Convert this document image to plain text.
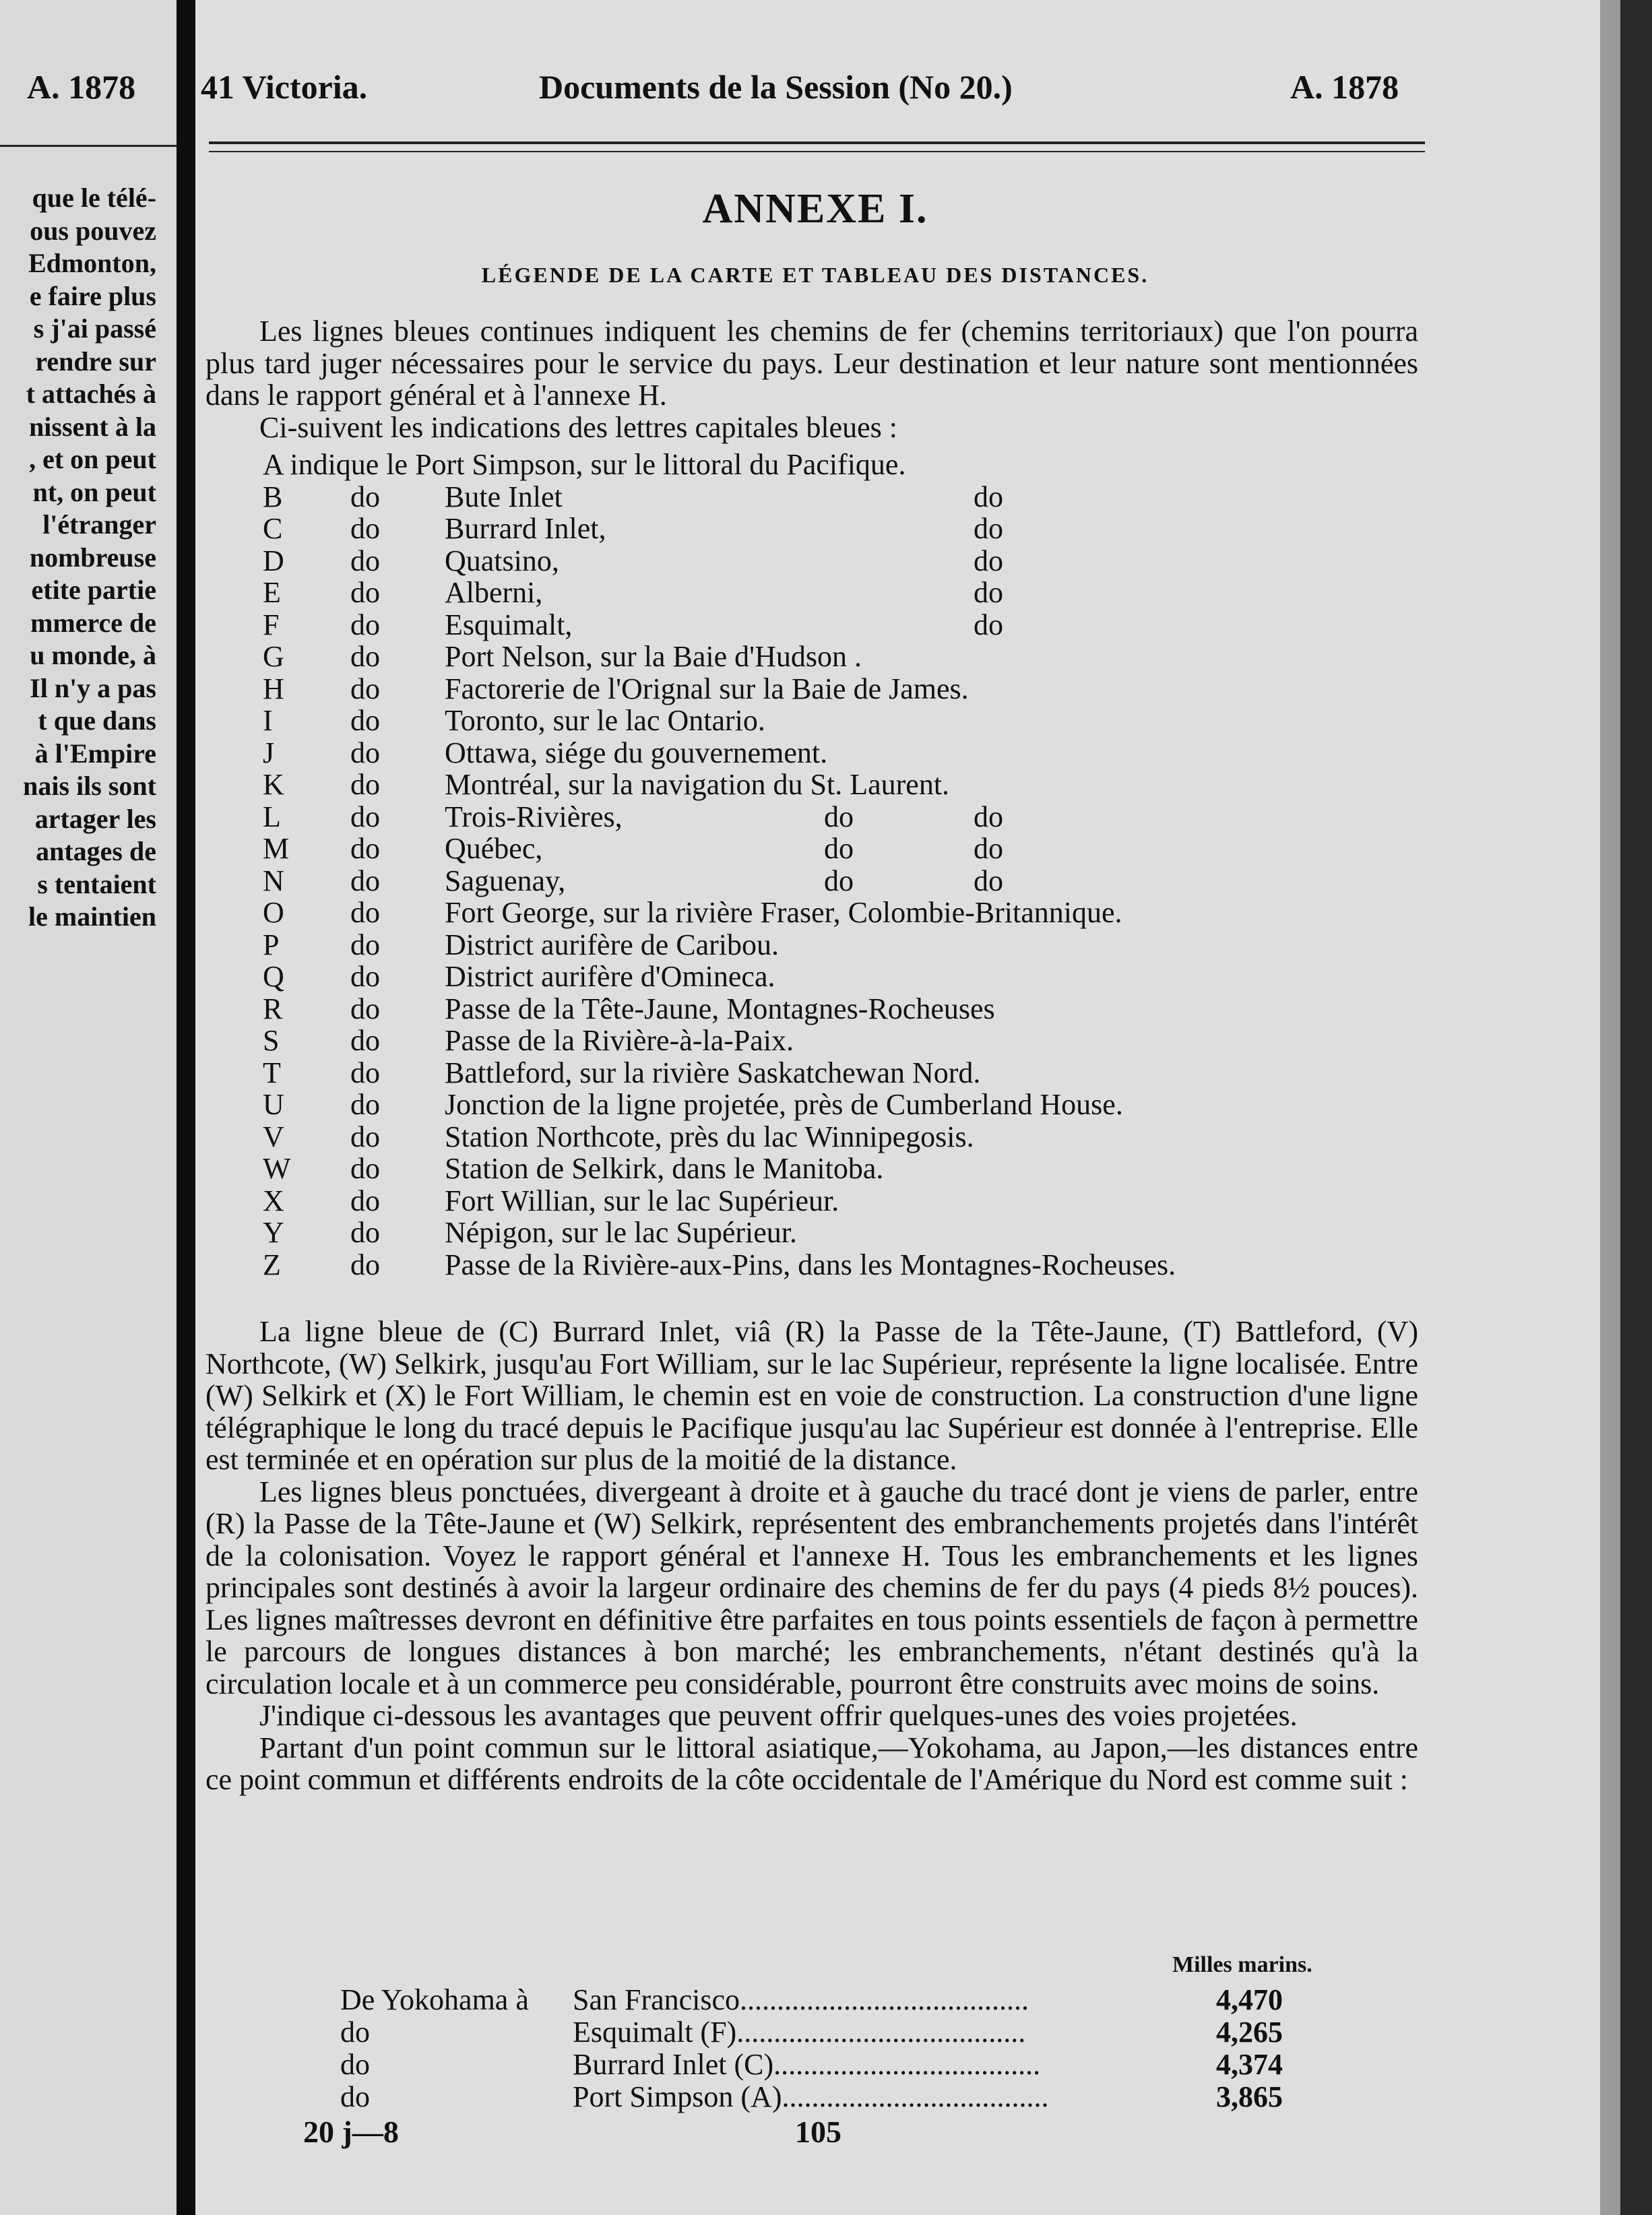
A. 1878
que le télé-
ous pouvez
Edmonton,
e faire plus
s j'ai passé
rendre sur
t attachés à
nissent à la
, et on peut
nt, on peut
l'étranger
nombreuse
etite partie
mmerce de
u monde, à
Il n'y a pas
t que dans
à l'Empire
nais ils sont
artager les
antages de
s tentaient
le maintien
41 Victoria.	Documents de la Session (No 20.)	A. 1878
ANNEXE I.
LÉGENDE DE LA CARTE ET TABLEAU DES DISTANCES.

Les lignes bleues continues indiquent les chemins de fer (chemins territoriaux) que l'on pourra plus tard juger nécessaires pour le service du pays. Leur destination et leur nature sont mentionnées dans le rapport général et à l'annexe H.

Ci-suivent les indications des lettres capitales bleues :

A indique le Port Simpson, sur le littoral du Pacifique.
B do Bute Inlet	do
C do Burrard Inlet,	do
D do Quatsino,	do
E do Alberni,	do
F	do Esquimalt,	do
G do Port Nelson, sur la Baie d'Hudson .
H do Factorerie de l'Orignal sur la Baie de James.
I	do Toronto, sur le lac Ontario.
J	do Ottawa, siége du gouvernement.
K do Montréal, sur la navigation du St. Laurent.
L do Trois-Rivières,	do	do
M do Québec,	do	do
N do Saguenay,	do	do
O do Fort George, sur la rivière Fraser, Colombie-Britannique.
P	do District aurifère de Caribou.
Q do District aurifère d'Omineca.
R do Passe de la Tête-Jaune, Montagnes-Rocheuses
S	do Passe de la Rivière-à-la-Paix.
T do Battleford, sur la rivière Saskatchewan Nord.
U do Jonction de la ligne projetée, près de Cumberland House.
V do Station Northcote, près du lac Winnipegosis.
W do Station de Selkirk, dans le Manitoba.
X do Fort Willian, sur le lac Supérieur.
Y do Népigon, sur le lac Supérieur.
Z do Passe de la Rivière-aux-Pins, dans les Montagnes-Rocheuses.

La ligne bleue de (C) Burrard Inlet, viâ (R) la Passe de la Tête-Jaune, (T) Battleford, (V) Northcote, (W) Selkirk, jusqu'au Fort William, sur le lac Supérieur, représente la ligne localisée. Entre (W) Selkirk et (X) le Fort William, le chemin est en voie de construction. La construction d'une ligne télégraphique le long du tracé depuis le Pacifique jusqu'au lac Supérieur est donnée à l'entreprise. Elle est terminée et en opération sur plus de la moitié de la distance.

Les lignes bleus ponctuées, divergeant à droite et à gauche du tracé dont je viens de parler, entre (R) la Passe de la Tête-Jaune et (W) Selkirk, représentent des embranchements projetés dans l'intérêt de la colonisation. Voyez le rapport général et l'annexe H. Tous les embranchements et les lignes principales sont destinés à avoir la largeur ordinaire des chemins de fer du pays (4 pieds 8½ pouces). Les lignes maîtresses devront en définitive être parfaites en tous points essentiels de façon à permettre le parcours de longues distances à bon marché; les embranchements, n'étant destinés qu'à la circulation locale et à un commerce peu considérable, pourront être construits avec moins de soins.

J'indique ci-dessous les avantages que peuvent offrir quelques-unes des voies projetées.

Partant d'un point commun sur le littoral asiatique,—Yokohama, au Japon,—les distances entre ce point commun et différents endroits de la côte occidentale de l'Amérique du Nord est comme suit :

Milles marins.
De Yokohama à San Francisco.......................................	4,470
do	Esquimalt (F).......................................	4,265
do	Burrard Inlet (C)....................................	4,374
do	Port Simpson (A)....................................	3,865
20 j—8	105
